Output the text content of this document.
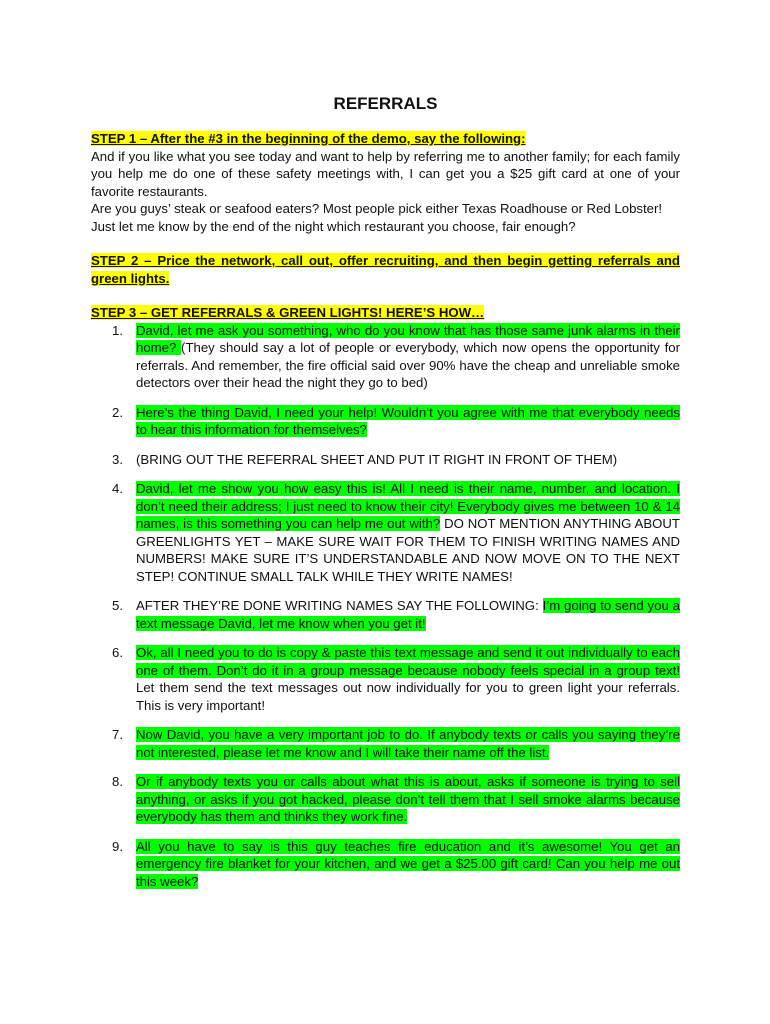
REFERRALS

STEP 1 – After the #3 in the beginning of the demo, say the following:

And if you like what you see today and want to help by referring me to another family; for each family you help me do one of these safety meetings with, I can get you a $25 gift card at one of your favorite restaurants.

Are you guys’ steak or seafood eaters? Most people pick either Texas Roadhouse or Red Lobster!

Just let me know by the end of the night which restaurant you choose, fair enough?

STEP 2 – Price the network, call out, offer recruiting, and then begin getting referrals and green lights.

STEP 3 – GET REFERRALS & GREEN LIGHTS! HERE’S HOW…

1. David, let me ask you something, who do you know that has those same junk alarms in their home? (They should say a lot of people or everybody, which now opens the opportunity for referrals. And remember, the fire official said over 90% have the cheap and unreliable smoke detectors over their head the night they go to bed)
2. Here’s the thing David, I need your help! Wouldn’t you agree with me that everybody needs to hear this information for themselves?
3. (BRING OUT THE REFERRAL SHEET AND PUT IT RIGHT IN FRONT OF THEM)
4. David, let me show you how easy this is! All I need is their name, number, and location. I don’t need their address; I just need to know their city! Everybody gives me between 10 & 14 names, is this something you can help me out with? DO NOT MENTION ANYTHING ABOUT GREENLIGHTS YET – MAKE SURE WAIT FOR THEM TO FINISH WRITING NAMES AND NUMBERS! MAKE SURE IT’S UNDERSTANDABLE AND NOW MOVE ON TO THE NEXT STEP! CONTINUE SMALL TALK WHILE THEY WRITE NAMES!
5. AFTER THEY’RE DONE WRITING NAMES SAY THE FOLLOWING: I’m going to send you a text message David, let me know when you get it!
6. Ok, all I need you to do is copy & paste this text message and send it out individually to each one of them. Don’t do it in a group message because nobody feels special in a group text! Let them send the text messages out now individually for you to green light your referrals. This is very important!
7. Now David, you have a very important job to do. If anybody texts or calls you saying they’re not interested, please let me know and I will take their name off the list.
8. Or if anybody texts you or calls about what this is about, asks if someone is trying to sell anything, or asks if you got hacked, please don’t tell them that I sell smoke alarms because everybody has them and thinks they work fine.
9. All you have to say is this guy teaches fire education and it’s awesome! You get an emergency fire blanket for your kitchen, and we get a $25.00 gift card! Can you help me out this week?
